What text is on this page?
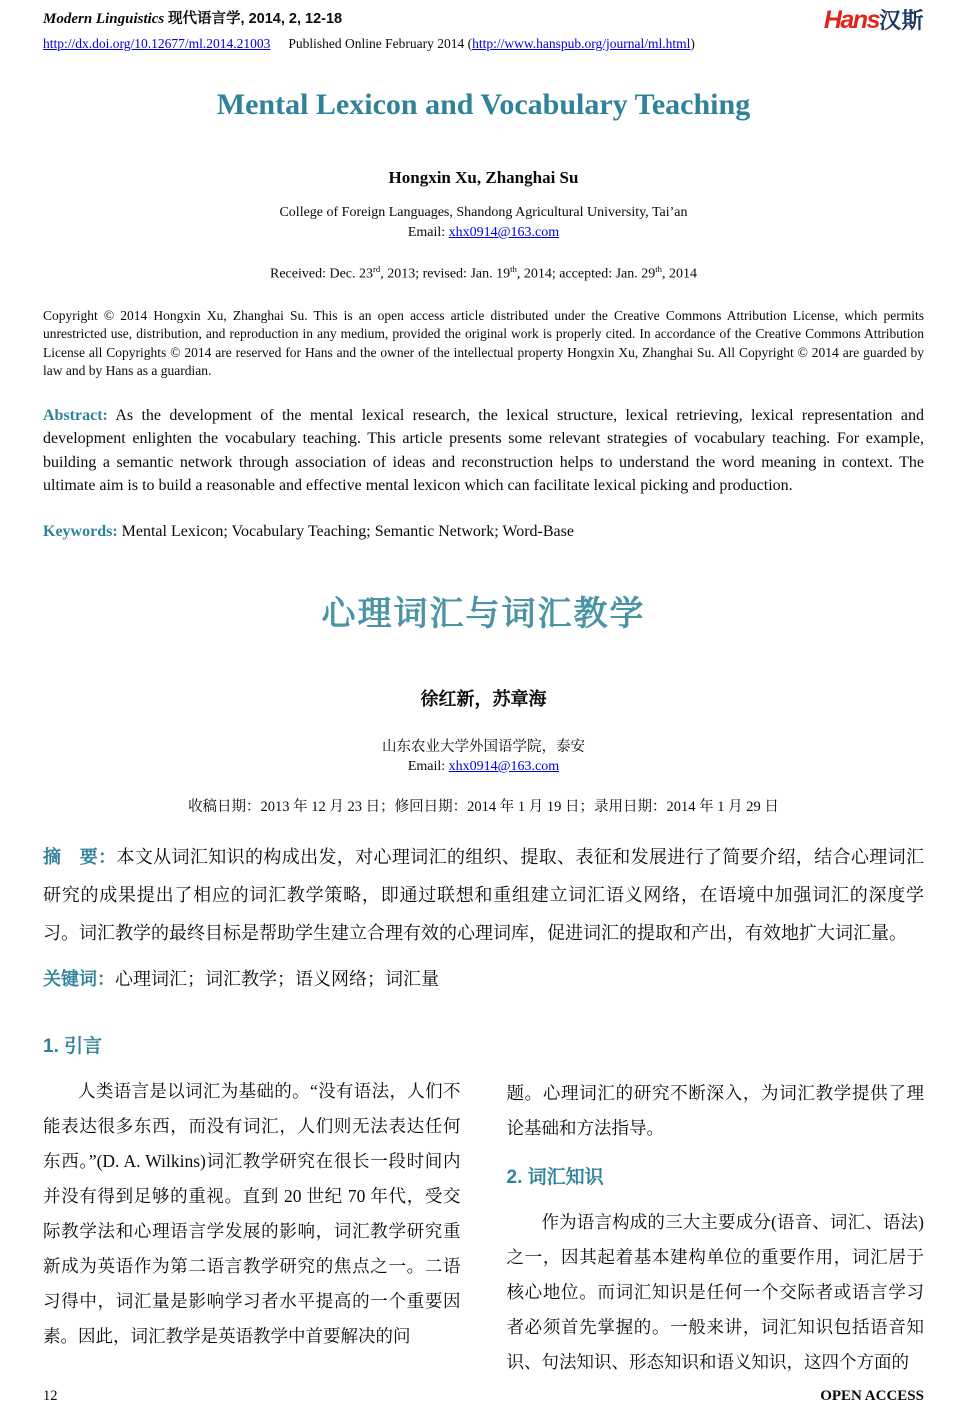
Modern Linguistics 现代语言学, 2014, 2, 12-18	Hans汉斯
http://dx.doi.org/10.12677/ml.2014.21003 Published Online February 2014 (http://www.hanspub.org/journal/ml.html)
Mental Lexicon and Vocabulary Teaching
Hongxin Xu, Zhanghai Su
College of Foreign Languages, Shandong Agricultural University, Tai’an
Email: xhx0914@163.com
Received: Dec. 23rd, 2013; revised: Jan. 19th, 2014; accepted: Jan. 29th, 2014

Copyright © 2014 Hongxin Xu, Zhanghai Su. This is an open access article distributed under the Creative Commons Attribution License, which permits unrestricted use, distribution, and reproduction in any medium, provided the original work is properly cited. In accordance of the Creative Commons Attribution License all Copyrights © 2014 are reserved for Hans and the owner of the intellectual property Hongxin Xu, Zhanghai Su. All Copyright © 2014 are guarded by law and by Hans as a guardian.

Abstract: As the development of the mental lexical research, the lexical structure, lexical retrieving, lexical representation and development enlighten the vocabulary teaching. This article presents some relevant strategies of vocabulary teaching. For example, building a semantic network through association of ideas and reconstruction helps to understand the word meaning in context. The ultimate aim is to build a reasonable and effective mental lexicon which can facilitate lexical picking and production.

Keywords: Mental Lexicon; Vocabulary Teaching; Semantic Network; Word-Base

心理词汇与词汇教学
徐红新，苏章海
山东农业大学外国语学院，泰安
Email: xhx0914@163.com
收稿日期：2013 年 12 月 23 日；修回日期：2014 年 1 月 19 日；录用日期：2014 年 1 月 29 日

摘　要：本文从词汇知识的构成出发，对心理词汇的组织、提取、表征和发展进行了简要介绍，结合心理词汇研究的成果提出了相应的词汇教学策略，即通过联想和重组建立词汇语义网络，在语境中加强词汇的深度学习。词汇教学的最终目标是帮助学生建立合理有效的心理词库，促进词汇的提取和产出，有效地扩大词汇量。

关键词：心理词汇；词汇教学；语义网络；词汇量

1. 引言

人类语言是以词汇为基础的。“没有语法，人们不能表达很多东西，而没有词汇，人们则无法表达任何东西。”(D. A. Wilkins)词汇教学研究在很长一段时间内并没有得到足够的重视。直到 20 世纪 70 年代，受交际教学法和心理语言学发展的影响，词汇教学研究重新成为英语作为第二语言教学研究的焦点之一。二语习得中，词汇量是影响学习者水平提高的一个重要因素。因此，词汇教学是英语教学中首要解决的问

题。心理词汇的研究不断深入，为词汇教学提供了理论基础和方法指导。

2. 词汇知识

作为语言构成的三大主要成分(语音、词汇、语法)之一，因其起着基本建构单位的重要作用，词汇居于核心地位。而词汇知识是任何一个交际者或语言学习者必须首先掌握的。一般来讲，词汇知识包括语音知识、句法知识、形态知识和语义知识，这四个方面的

12	OPEN ACCESS
